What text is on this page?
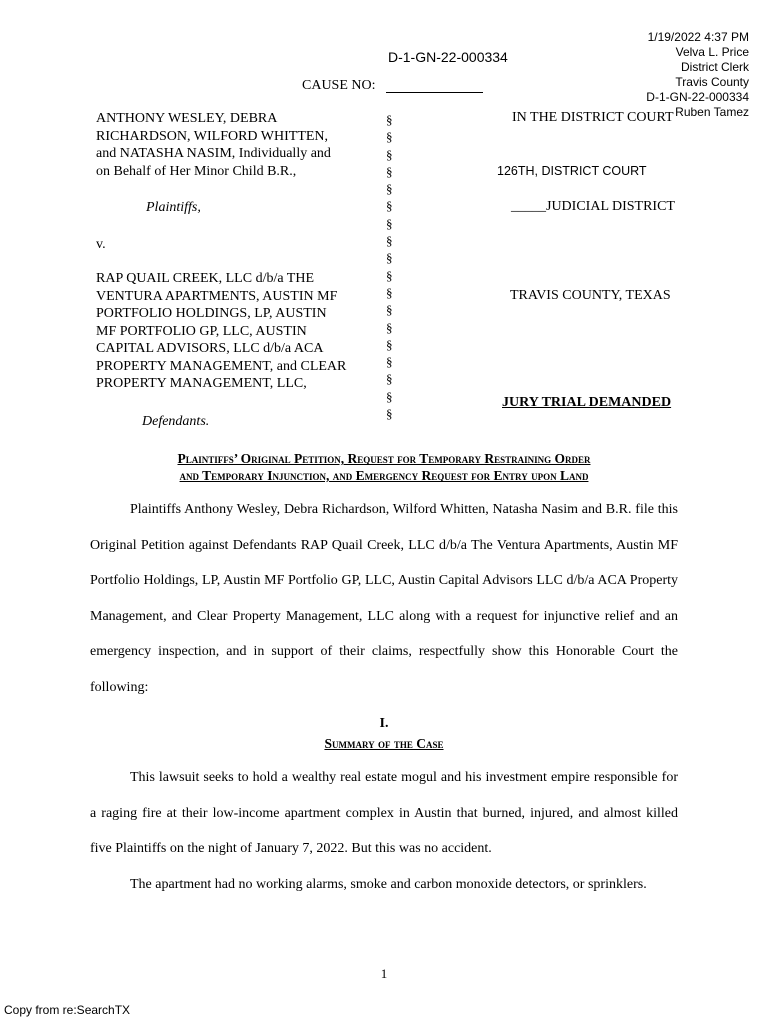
1/19/2022 4:37 PM
Velva L. Price
District Clerk
Travis County
D-1-GN-22-000334
Ruben Tamez
D-1-GN-22-000334
CAUSE NO:
ANTHONY WESLEY, DEBRA
RICHARDSON, WILFORD WHITTEN,
and NATASHA NASIM, Individually and
on Behalf of Her Minor Child B.R.,
Plaintiffs,
v.
RAP QUAIL CREEK, LLC d/b/a THE
VENTURA APARTMENTS, AUSTIN MF
PORTFOLIO HOLDINGS, LP, AUSTIN
MF PORTFOLIO GP, LLC, AUSTIN
CAPITAL ADVISORS, LLC d/b/a ACA
PROPERTY MANAGEMENT, and CLEAR
PROPERTY MANAGEMENT, LLC,
Defendants.
§
§
§
§
§
§
§
§
§
§
§
§
§
§
§
§
§
§
IN THE DISTRICT COURT
126TH, DISTRICT COURT
_____JUDICIAL DISTRICT
TRAVIS COUNTY, TEXAS
JURY TRIAL DEMANDED
Plaintiffs’ Original Petition, Request for Temporary Restraining Order
and Temporary Injunction, and Emergency Request for Entry upon Land

Plaintiffs Anthony Wesley, Debra Richardson, Wilford Whitten, Natasha Nasim and B.R. file this Original Petition against Defendants RAP Quail Creek, LLC d/b/a The Ventura Apartments, Austin MF Portfolio Holdings, LP, Austin MF Portfolio GP, LLC, Austin Capital Advisors LLC d/b/a ACA Property Management, and Clear Property Management, LLC along with a request for injunctive relief and an emergency inspection, and in support of their claims, respectfully show this Honorable Court the following:

I.
Summary of the Case

This lawsuit seeks to hold a wealthy real estate mogul and his investment empire responsible for a raging fire at their low-income apartment complex in Austin that burned, injured, and almost killed five Plaintiffs on the night of January 7, 2022. But this was no accident.

The apartment had no working alarms, smoke and carbon monoxide detectors, or sprinklers.

1
Copy from re:SearchTX
